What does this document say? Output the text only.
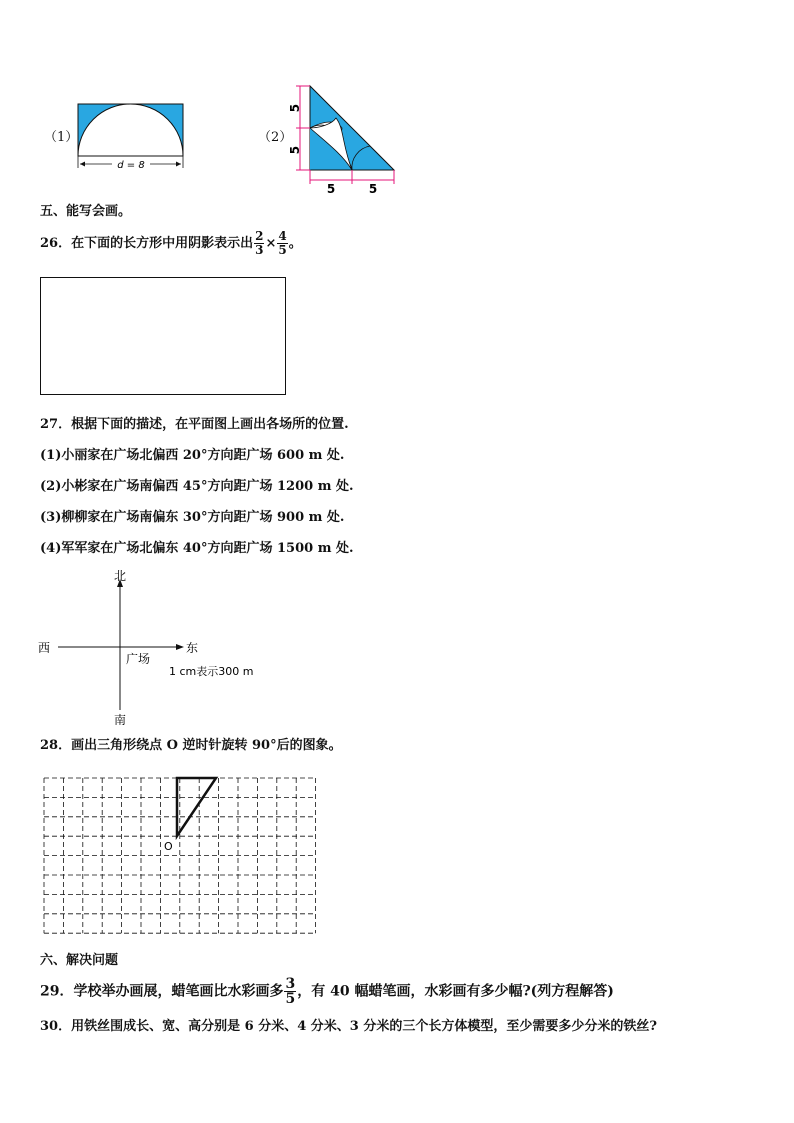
（1）
d = 8
（2）
5
5
5	5
五、能写会画。
26．在下面的长方形中用阴影表示出 $\frac{2}{3} \times \frac{4}{5}$ 。
27．根据下面的描述，在平面图上画出各场所的位置.
(1)小丽家在广场北偏西 20°方向距广场 600 m 处.
(2)小彬家在广场南偏西 45°方向距广场 1200 m 处.
(3)柳柳家在广场南偏东 30°方向距广场 900 m 处.
(4)军军家在广场北偏东 40°方向距广场 1500 m 处.
北
南
西	东
广场
1 cm表示300 m
28．画出三角形绕点 O 逆时针旋转 90°后的图象。
O
六、解决问题
29．学校举办画展，蜡笔画比水彩画多 $\frac{3}{5}$ ，有 40 幅蜡笔画，水彩画有多少幅?(列方程解答)
30．用铁丝围成长、宽、高分别是 6 分米、4 分米、3 分米的三个长方体模型，至少需要多少分米的铁丝?
